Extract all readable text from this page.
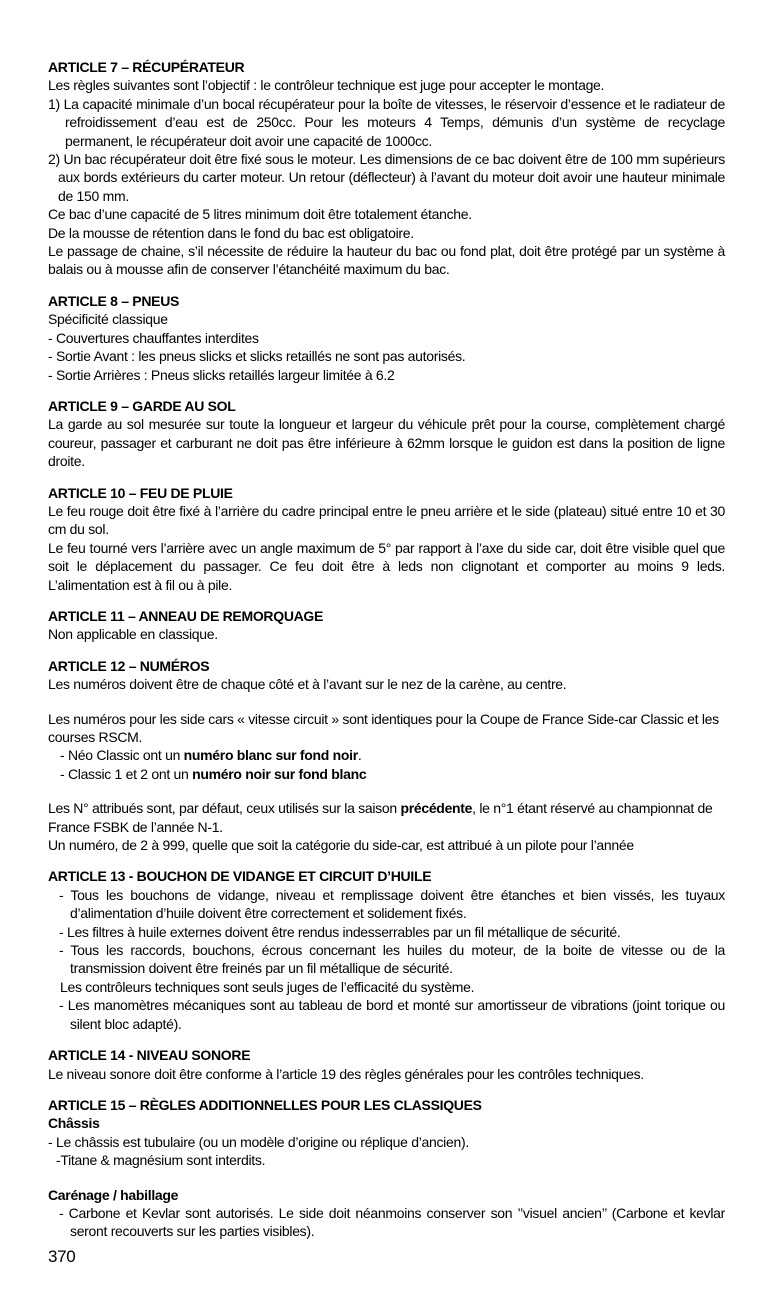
ARTICLE 7 – RÉCUPÉRATEUR

Les règles suivantes sont l’objectif : le contrôleur technique est juge pour accepter le montage.

1) La capacité minimale d’un bocal récupérateur pour la boîte de vitesses, le réservoir d’essence et le radiateur de refroidissement d’eau est de 250cc. Pour les moteurs 4 Temps, démunis d’un système de recyclage permanent, le récupérateur doit avoir une capacité de 1000cc.

2) Un bac récupérateur doit être fixé sous le moteur. Les dimensions de ce bac doivent être de 100 mm supérieurs aux bords extérieurs du carter moteur. Un retour (déflecteur) à l’avant du moteur doit avoir une hauteur minimale de 150 mm.

Ce bac d’une capacité de 5 litres minimum doit être totalement étanche.

De la mousse de rétention dans le fond du bac est obligatoire.

Le passage de chaine, s’il nécessite de réduire la hauteur du bac ou fond plat, doit être protégé par un système à balais ou à mousse afin de conserver l’étanchéité maximum du bac.

ARTICLE 8 – PNEUS

Spécificité classique

- Couvertures chauffantes interdites

- Sortie Avant : les pneus slicks et slicks retaillés ne sont pas autorisés.

- Sortie Arrières : Pneus slicks retaillés largeur limitée à 6.2

ARTICLE 9 – GARDE AU SOL

La garde au sol mesurée sur toute la longueur et largeur du véhicule prêt pour la course, complètement chargé coureur, passager et carburant ne doit pas être inférieure à 62mm lorsque le guidon est dans la position de ligne droite.

ARTICLE 10 – FEU DE PLUIE

Le feu rouge doit être fixé à l’arrière du cadre principal entre le pneu arrière et le side (plateau) situé entre 10 et 30 cm du sol.

Le feu tourné vers l’arrière avec un angle maximum de 5° par rapport à l’axe du side car, doit être visible quel que soit le déplacement du passager. Ce feu doit être à leds non clignotant et comporter au moins 9 leds. L’alimentation est à fil ou à pile.

ARTICLE 11 – ANNEAU DE REMORQUAGE

Non applicable en classique.

ARTICLE 12 – NUMÉROS

Les numéros doivent être de chaque côté et à l’avant sur le nez de la carène, au centre.

Les numéros pour les side cars « vitesse circuit » sont identiques pour la Coupe de France Side-car Classic et les courses RSCM.

- Néo Classic ont un numéro blanc sur fond noir.

- Classic 1 et 2 ont un numéro noir sur fond blanc

Les N° attribués sont, par défaut, ceux utilisés sur la saison précédente, le n°1 étant réservé au championnat de France FSBK de l’année N-1.

Un numéro, de 2 à 999, quelle que soit la catégorie du side-car, est attribué à un pilote pour l’année

ARTICLE 13 - BOUCHON DE VIDANGE ET CIRCUIT D’HUILE

- Tous les bouchons de vidange, niveau et remplissage doivent être étanches et bien vissés, les tuyaux d’alimentation d’huile doivent être correctement et solidement fixés.

- Les filtres à huile externes doivent être rendus indesserrables par un fil métallique de sécurité.

- Tous les raccords, bouchons, écrous concernant les huiles du moteur, de la boite de vitesse ou de la transmission doivent être freinés par un fil métallique de sécurité.

Les contrôleurs techniques sont seuls juges de l’efficacité du système.

- Les manomètres mécaniques sont au tableau de bord et monté sur amortisseur de vibrations (joint torique ou silent bloc adapté).

ARTICLE 14 - NIVEAU SONORE

Le niveau sonore doit être conforme à l’article 19 des règles générales pour les contrôles techniques.

ARTICLE 15 – RÈGLES ADDITIONNELLES POUR LES CLASSIQUES

Châssis

- Le châssis est tubulaire (ou un modèle d’origine ou réplique d’ancien).

-Titane & magnésium sont interdits.

Carénage / habillage

- Carbone et Kevlar sont autorisés. Le side doit néanmoins conserver son ’’visuel ancien’’ (Carbone et kevlar seront recouverts sur les parties visibles).

370
